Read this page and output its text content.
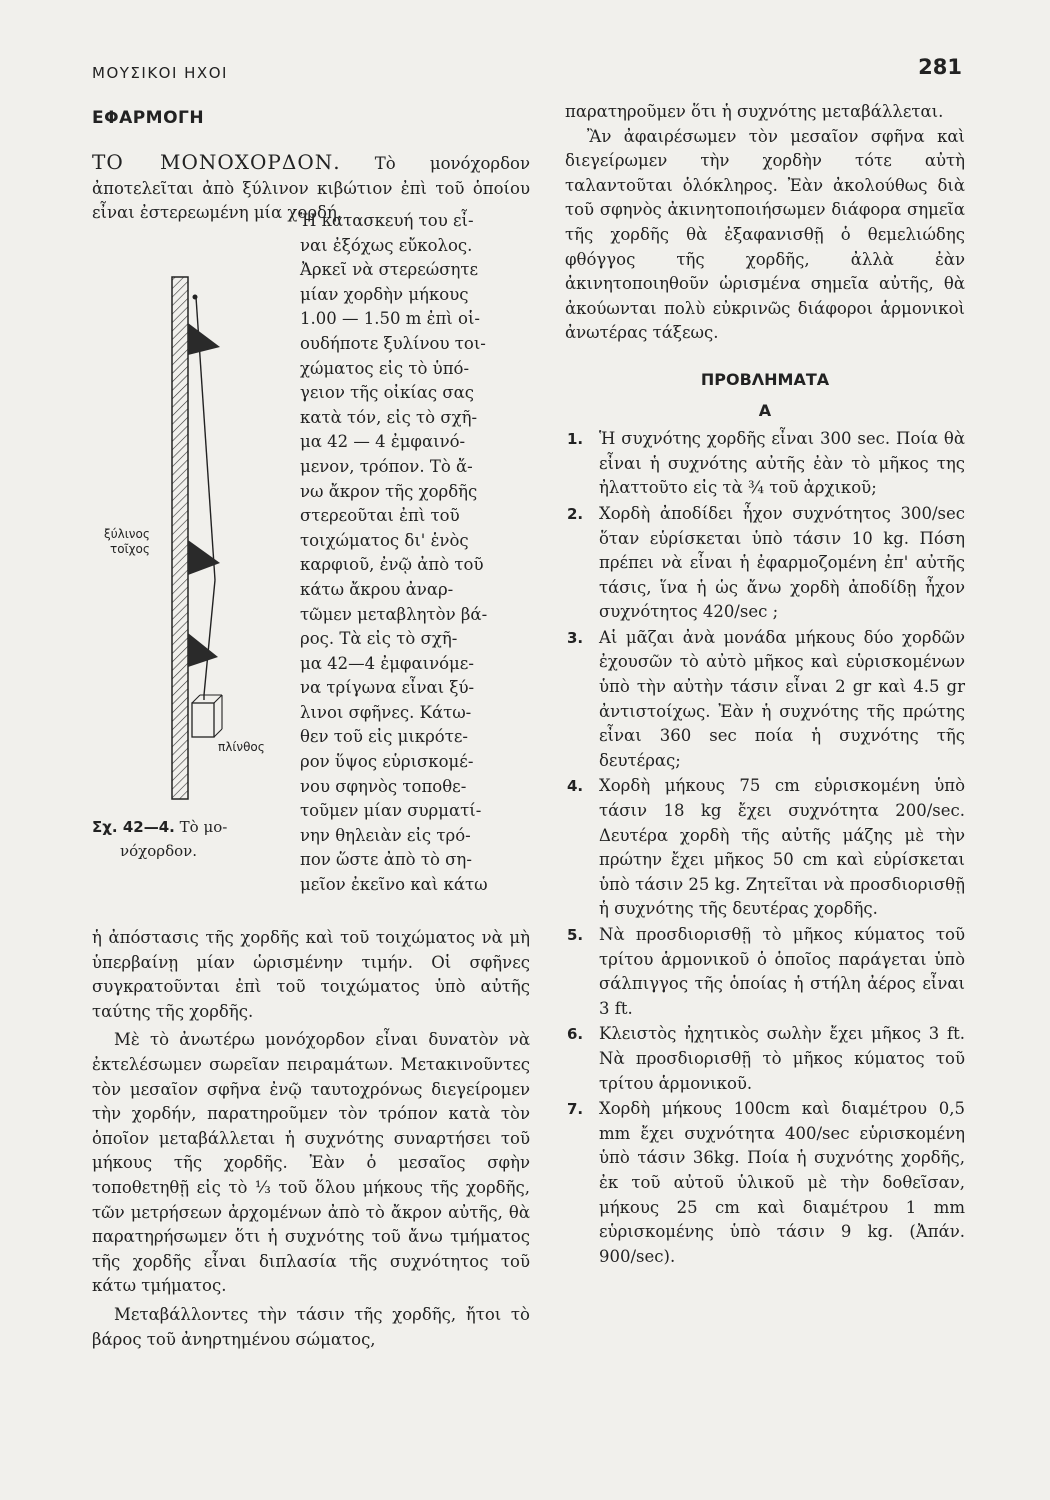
ΜΟΥΣΙΚΟΙ ΗΧΟΙ	281
ΕΦΑΡΜΟΓΗ

ΤΟ ΜΟΝΟΧΟΡΔΟΝ. Τὸ μονόχορδον ἀποτελεῖται ἀπὸ ξύλινον κιβώτιον ἐπὶ τοῦ ὁποίου εἶναι ἐστερεωμένη μία χορδή.

ξύλινος
τοῖχος
πλίνθος
Σχ. 42—4. Τὸ μο-
νόχορδον.
Ἡ κατασκευή του εἶ-
ναι ἐξόχως εὔκολος.
Ἀρκεῖ νὰ στερεώσητε
μίαν χορδὴν μήκους
1.00 — 1.50 m ἐπὶ οἱ-
ουδήποτε ξυλίνου τοι-
χώματος εἰς τὸ ὑπό-
γειον τῆς οἰκίας σας
κατὰ τόν, εἰς τὸ σχῆ-
μα 42 — 4 ἐμφαινό-
μενον, τρόπον. Τὸ ἄ-
νω ἄκρον τῆς χορδῆς
στερεοῦται ἐπὶ τοῦ
τοιχώματος δι' ἑνὸς
καρφιοῦ, ἐνῷ ἀπὸ τοῦ
κάτω ἄκρου ἀναρ-
τῶμεν μεταβλητὸν βά-
ρος. Τὰ εἰς τὸ σχῆ-
μα 42—4 ἐμφαινόμε-
να τρίγωνα εἶναι ξύ-
λινοι σφῆνες. Κάτω-
θεν τοῦ εἰς μικρότε-
ρον ὕψος εὑρισκομέ-
νου σφηνὸς τοποθε-
τοῦμεν μίαν συρματί-
νην θηλειὰν εἰς τρό-
πον ὥστε ἀπὸ τὸ ση-
μεῖον ἐκεῖνο καὶ κάτω

ἡ ἀπόστασις τῆς χορδῆς καὶ τοῦ τοιχώματος νὰ μὴ ὑπερβαίνῃ μίαν ὡρισμένην τιμήν. Οἱ σφῆνες συγκρατοῦνται ἐπὶ τοῦ τοιχώματος ὑπὸ αὐτῆς ταύτης τῆς χορδῆς.

Μὲ τὸ ἀνωτέρω μονόχορδον εἶναι δυνατὸν νὰ ἐκτελέσωμεν σωρεῖαν πειραμάτων. Μετακινοῦντες τὸν μεσαῖον σφῆνα ἐνῷ ταυτοχρόνως διεγείρομεν τὴν χορδήν, παρατηροῦμεν τὸν τρόπον κατὰ τὸν ὁποῖον μεταβάλλεται ἡ συχνότης συναρτήσει τοῦ μήκους τῆς χορδῆς. Ἐὰν ὁ μεσαῖος σφὴν τοποθετηθῇ εἰς τὸ ⅓ τοῦ ὅλου μήκους τῆς χορδῆς, τῶν μετρήσεων ἀρχομένων ἀπὸ τὸ ἄκρον αὐτῆς, θὰ παρατηρήσωμεν ὅτι ἡ συχνότης τοῦ ἄνω τμήματος τῆς χορδῆς εἶναι διπλασία τῆς συχνότητος τοῦ κάτω τμήματος.

Μεταβάλλοντες τὴν τάσιν τῆς χορδῆς, ἤτοι τὸ βάρος τοῦ ἀνηρτημένου σώματος,

παρατηροῦμεν ὅτι ἡ συχνότης μεταβάλλεται.

Ἂν ἀφαιρέσωμεν τὸν μεσαῖον σφῆνα καὶ διεγείρωμεν τὴν χορδὴν τότε αὐτὴ ταλαντοῦται ὁλόκληρος. Ἐὰν ἀκολούθως διὰ τοῦ σφηνὸς ἀκινητοποιήσωμεν διάφορα σημεῖα τῆς χορδῆς θὰ ἐξαφανισθῇ ὁ θεμελιώδης φθόγγος τῆς χορδῆς, ἀλλὰ ἐὰν ἀκινητοποιηθοῦν ὡρισμένα σημεῖα αὐτῆς, θὰ ἀκούωνται πολὺ εὐκρινῶς διάφοροι ἁρμονικοὶ ἀνωτέρας τάξεως.

ΠΡΟΒΛΗΜΑΤΑ
Α
1. Ἡ συχνότης χορδῆς εἶναι 300 sec. Ποία θὰ εἶναι ἡ συχνότης αὐτῆς ἐὰν τὸ μῆκος της ἠλαττοῦτο εἰς τὰ ¾ τοῦ ἀρχικοῦ;

2. Χορδὴ ἀποδίδει ἦχον συχνότητος 300/sec ὅταν εὑρίσκεται ὑπὸ τάσιν 10 kg. Πόση πρέπει νὰ εἶναι ἡ ἐφαρμοζομένη ἐπ' αὐτῆς τάσις, ἵνα ἡ ὡς ἄνω χορδὴ ἀποδίδῃ ἦχον συχνότητος 420/sec ;

3. Αἱ μᾶζαι ἀνὰ μονάδα μήκους δύο χορδῶν ἐχουσῶν τὸ αὐτὸ μῆκος καὶ εὑρισκομένων ὑπὸ τὴν αὐτὴν τάσιν εἶναι 2 gr καὶ 4.5 gr ἀντιστοίχως. Ἐὰν ἡ συχνότης τῆς πρώτης εἶναι 360 sec ποία ἡ συχνότης τῆς δευτέρας;

4. Χορδὴ μήκους 75 cm εὑρισκομένη ὑπὸ τάσιν 18 kg ἔχει συχνότητα 200/sec. Δευτέρα χορδὴ τῆς αὐτῆς μάζης μὲ τὴν πρώτην ἔχει μῆκος 50 cm καὶ εὑρίσκεται ὑπὸ τάσιν 25 kg. Ζητεῖται νὰ προσδιορισθῇ ἡ συχνότης τῆς δευτέρας χορδῆς.

5. Νὰ προσδιορισθῇ τὸ μῆκος κύματος τοῦ τρίτου ἁρμονικοῦ ὁ ὁποῖος παράγεται ὑπὸ σάλπιγγος τῆς ὁποίας ἡ στήλη ἀέρος εἶναι 3 ft.

6. Κλειστὸς ἠχητικὸς σωλὴν ἔχει μῆκος 3 ft. Νὰ προσδιορισθῇ τὸ μῆκος κύματος τοῦ τρίτου ἁρμονικοῦ.

7. Χορδὴ μήκους 100cm καὶ διαμέτρου 0,5 mm ἔχει συχνότητα 400/sec εὑρισκομένη ὑπὸ τάσιν 36kg. Ποία ἡ συχνότης χορδῆς, ἐκ τοῦ αὐτοῦ ὑλικοῦ μὲ τὴν δοθεῖσαν, μήκους 25 cm καὶ διαμέτρου 1 mm εὑρισκομένης ὑπὸ τάσιν 9 kg. (Ἀπάν. 900/sec).
